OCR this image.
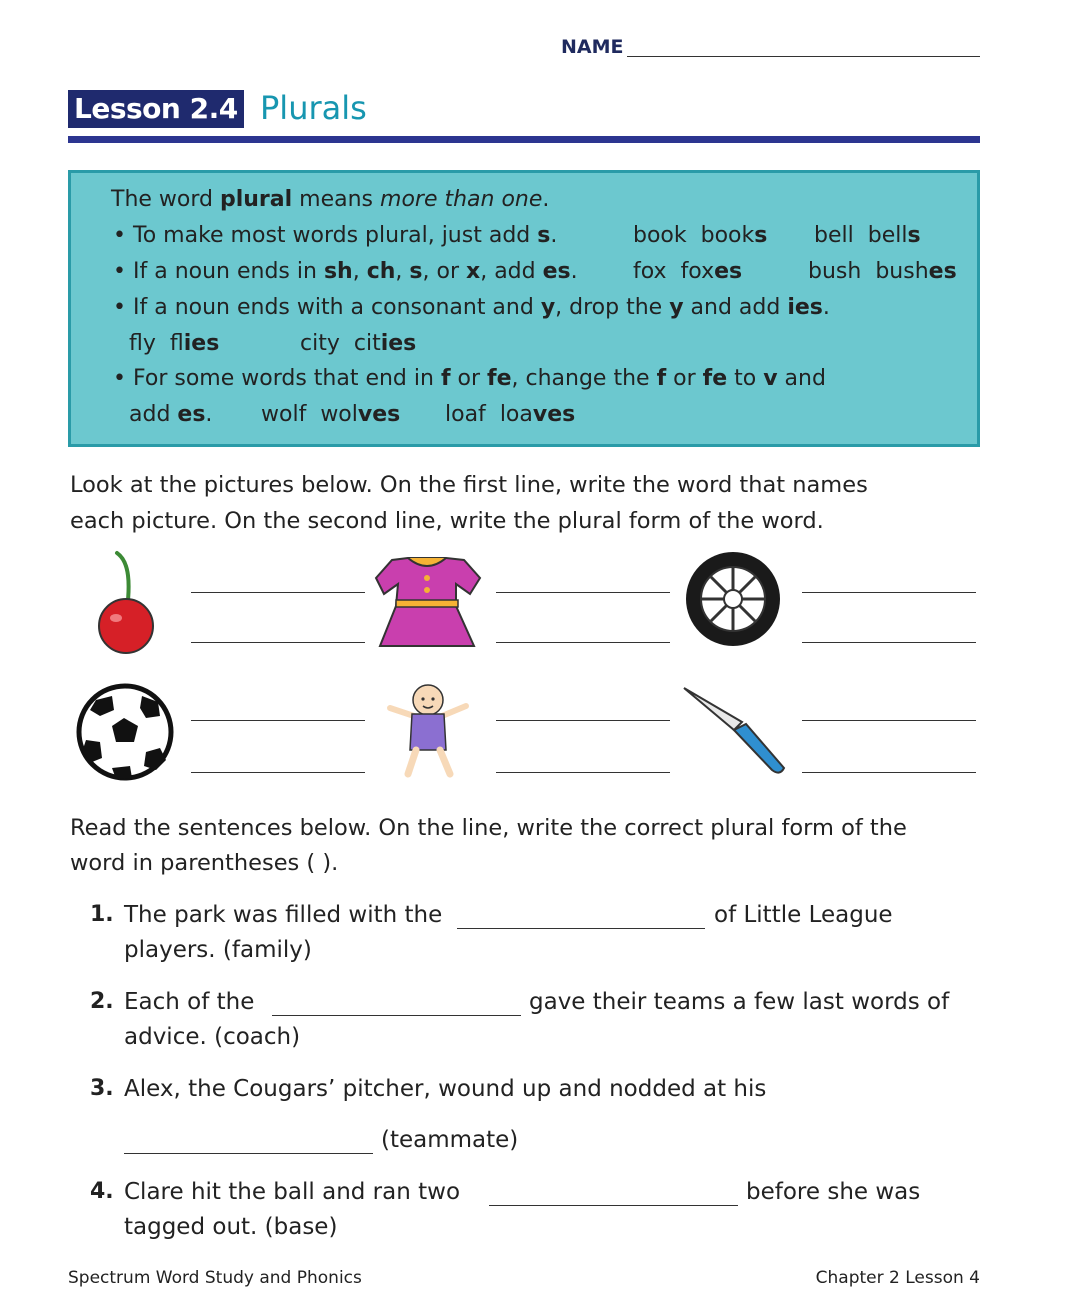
NAME
Lesson 2.4 Plurals
The word plural means more than one.
• To make most words plural, just add s.	book books bell bells
• If a noun ends in sh, ch, s, or x, add es.	fox foxes	bush bushes
• If a noun ends with a consonant and y, drop the y and add ies.
fly flies	city cities
• For some words that end in f or fe, change the f or fe to v and
add es. wolf wolves loaf loaves
Look at the pictures below. On the first line, write the word that names
each picture. On the second line, write the plural form of the word.
Read the sentences below. On the line, write the correct plural form of the
word in parentheses ( ).
1. The park was filled with the	of Little League
players. (family)
2. Each of the	gave their teams a few last words of
advice. (coach)
3. Alex, the Cougars’ pitcher, wound up and nodded at his
(teammate)
4. Clare hit the ball and ran two	before she was
tagged out. (base)
Spectrum Word Study and Phonics	Chapter 2 Lesson 4
